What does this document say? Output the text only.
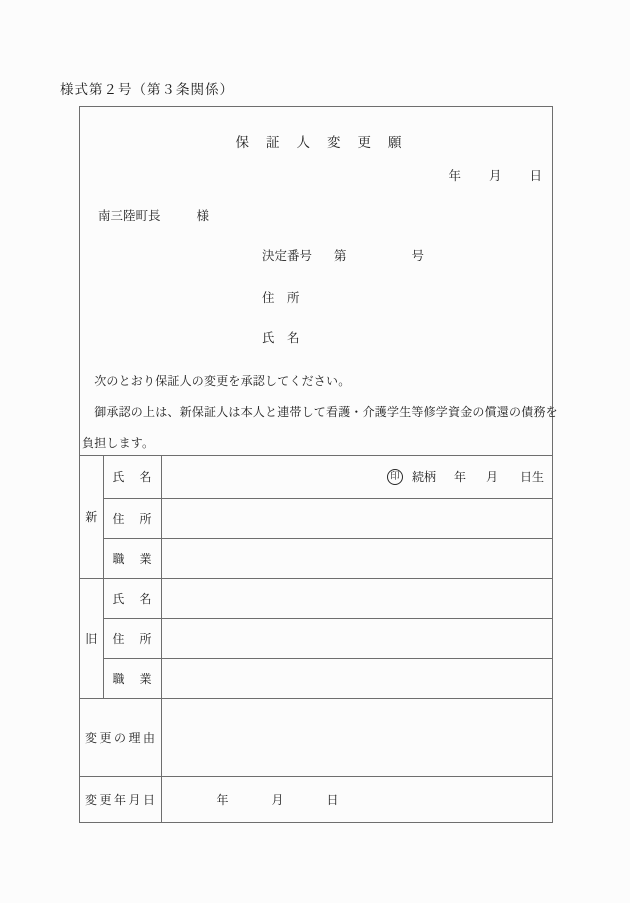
様式第２号（第３条関係）
保証人変更願
年 月 日
南三陸町長	様
決定番号 第	号
住　所
氏　名
　次のとおり保証人の変更を承認してください。
　御承認の上は、新保証人は本人と連帯して看護・介護学生等修学資金の償還の債務を
負担します。
新	氏　名	印 続柄 年 月 日生

	住　所	
	職　業	
旧	氏　名	
	住　所	
	職　業	
変更の理由		
変更年月日		年 月 日
